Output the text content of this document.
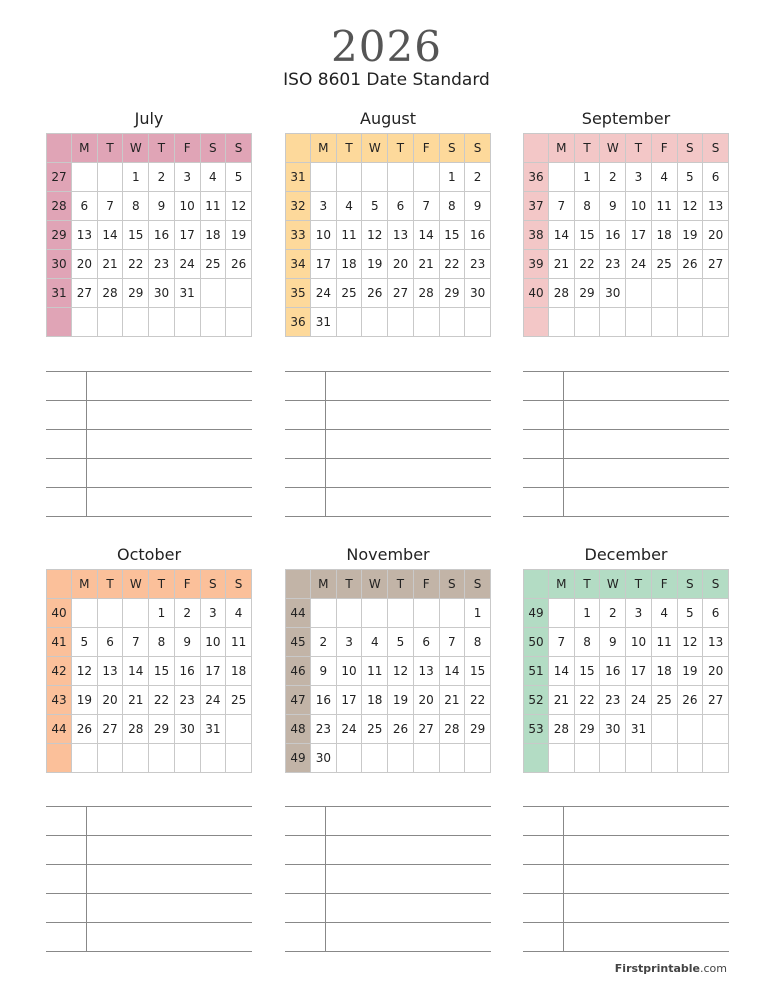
2026
ISO 8601 Date Standard
July
	M	T	W	T	F	S	S
27			1	2	3	4	5
28	6	7	8	9	10	11	12
29	13	14	15	16	17	18	19
30	20	21	22	23	24	25	26
31	27	28	29	30	31		

August
	M	T	W	T	F	S	S
31						1	2
32	3	4	5	6	7	8	9
33	10	11	12	13	14	15	16
34	17	18	19	20	21	22	23
35	24	25	26	27	28	29	30
36	31						

September
	M	T	W	T	F	S	S
36		1	2	3	4	5	6
37	7	8	9	10	11	12	13
38	14	15	16	17	18	19	20
39	21	22	23	24	25	26	27
40	28	29	30				

October
	M	T	W	T	F	S	S
40				1	2	3	4
41	5	6	7	8	9	10	11
42	12	13	14	15	16	17	18
43	19	20	21	22	23	24	25
44	26	27	28	29	30	31	

November
	M	T	W	T	F	S	S
44							1
45	2	3	4	5	6	7	8
46	9	10	11	12	13	14	15
47	16	17	18	19	20	21	22
48	23	24	25	26	27	28	29
49	30						

December
	M	T	W	T	F	S	S
49		1	2	3	4	5	6
50	7	8	9	10	11	12	13
51	14	15	16	17	18	19	20
52	21	22	23	24	25	26	27
53	28	29	30	31			

Firstprintable.com
